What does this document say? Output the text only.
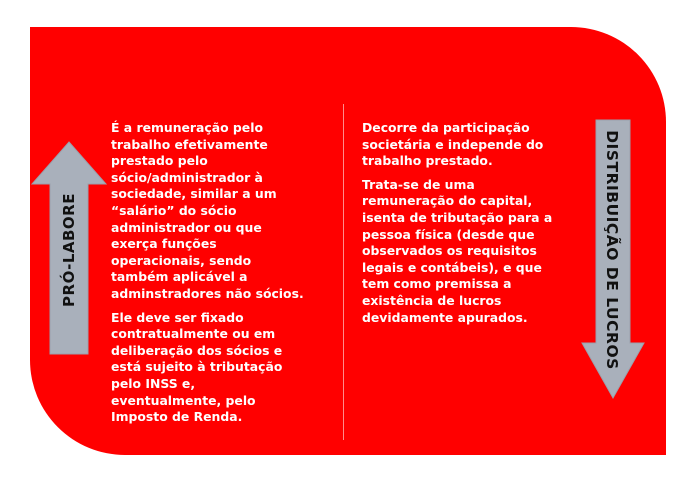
PRÓ-LABORE	DISTRIBUIÇÃO DE LUCROS

É a remuneração pelo
trabalho efetivamente
prestado pelo
sócio/administrador à
sociedade, similar a um
“salário” do sócio
administrador ou que
exerça funções
operacionais, sendo
também aplicável a
adminstradores não sócios.

Ele deve ser fixado
contratualmente ou em
deliberação dos sócios e
está sujeito à tributação
pelo INSS e,
eventualmente, pelo
Imposto de Renda.

Decorre da participação
societária e independe do
trabalho prestado.

Trata-se de uma
remuneração do capital,
isenta de tributação para a
pessoa física (desde que
observados os requisitos
legais e contábeis), e que
tem como premissa a
existência de lucros
devidamente apurados.
